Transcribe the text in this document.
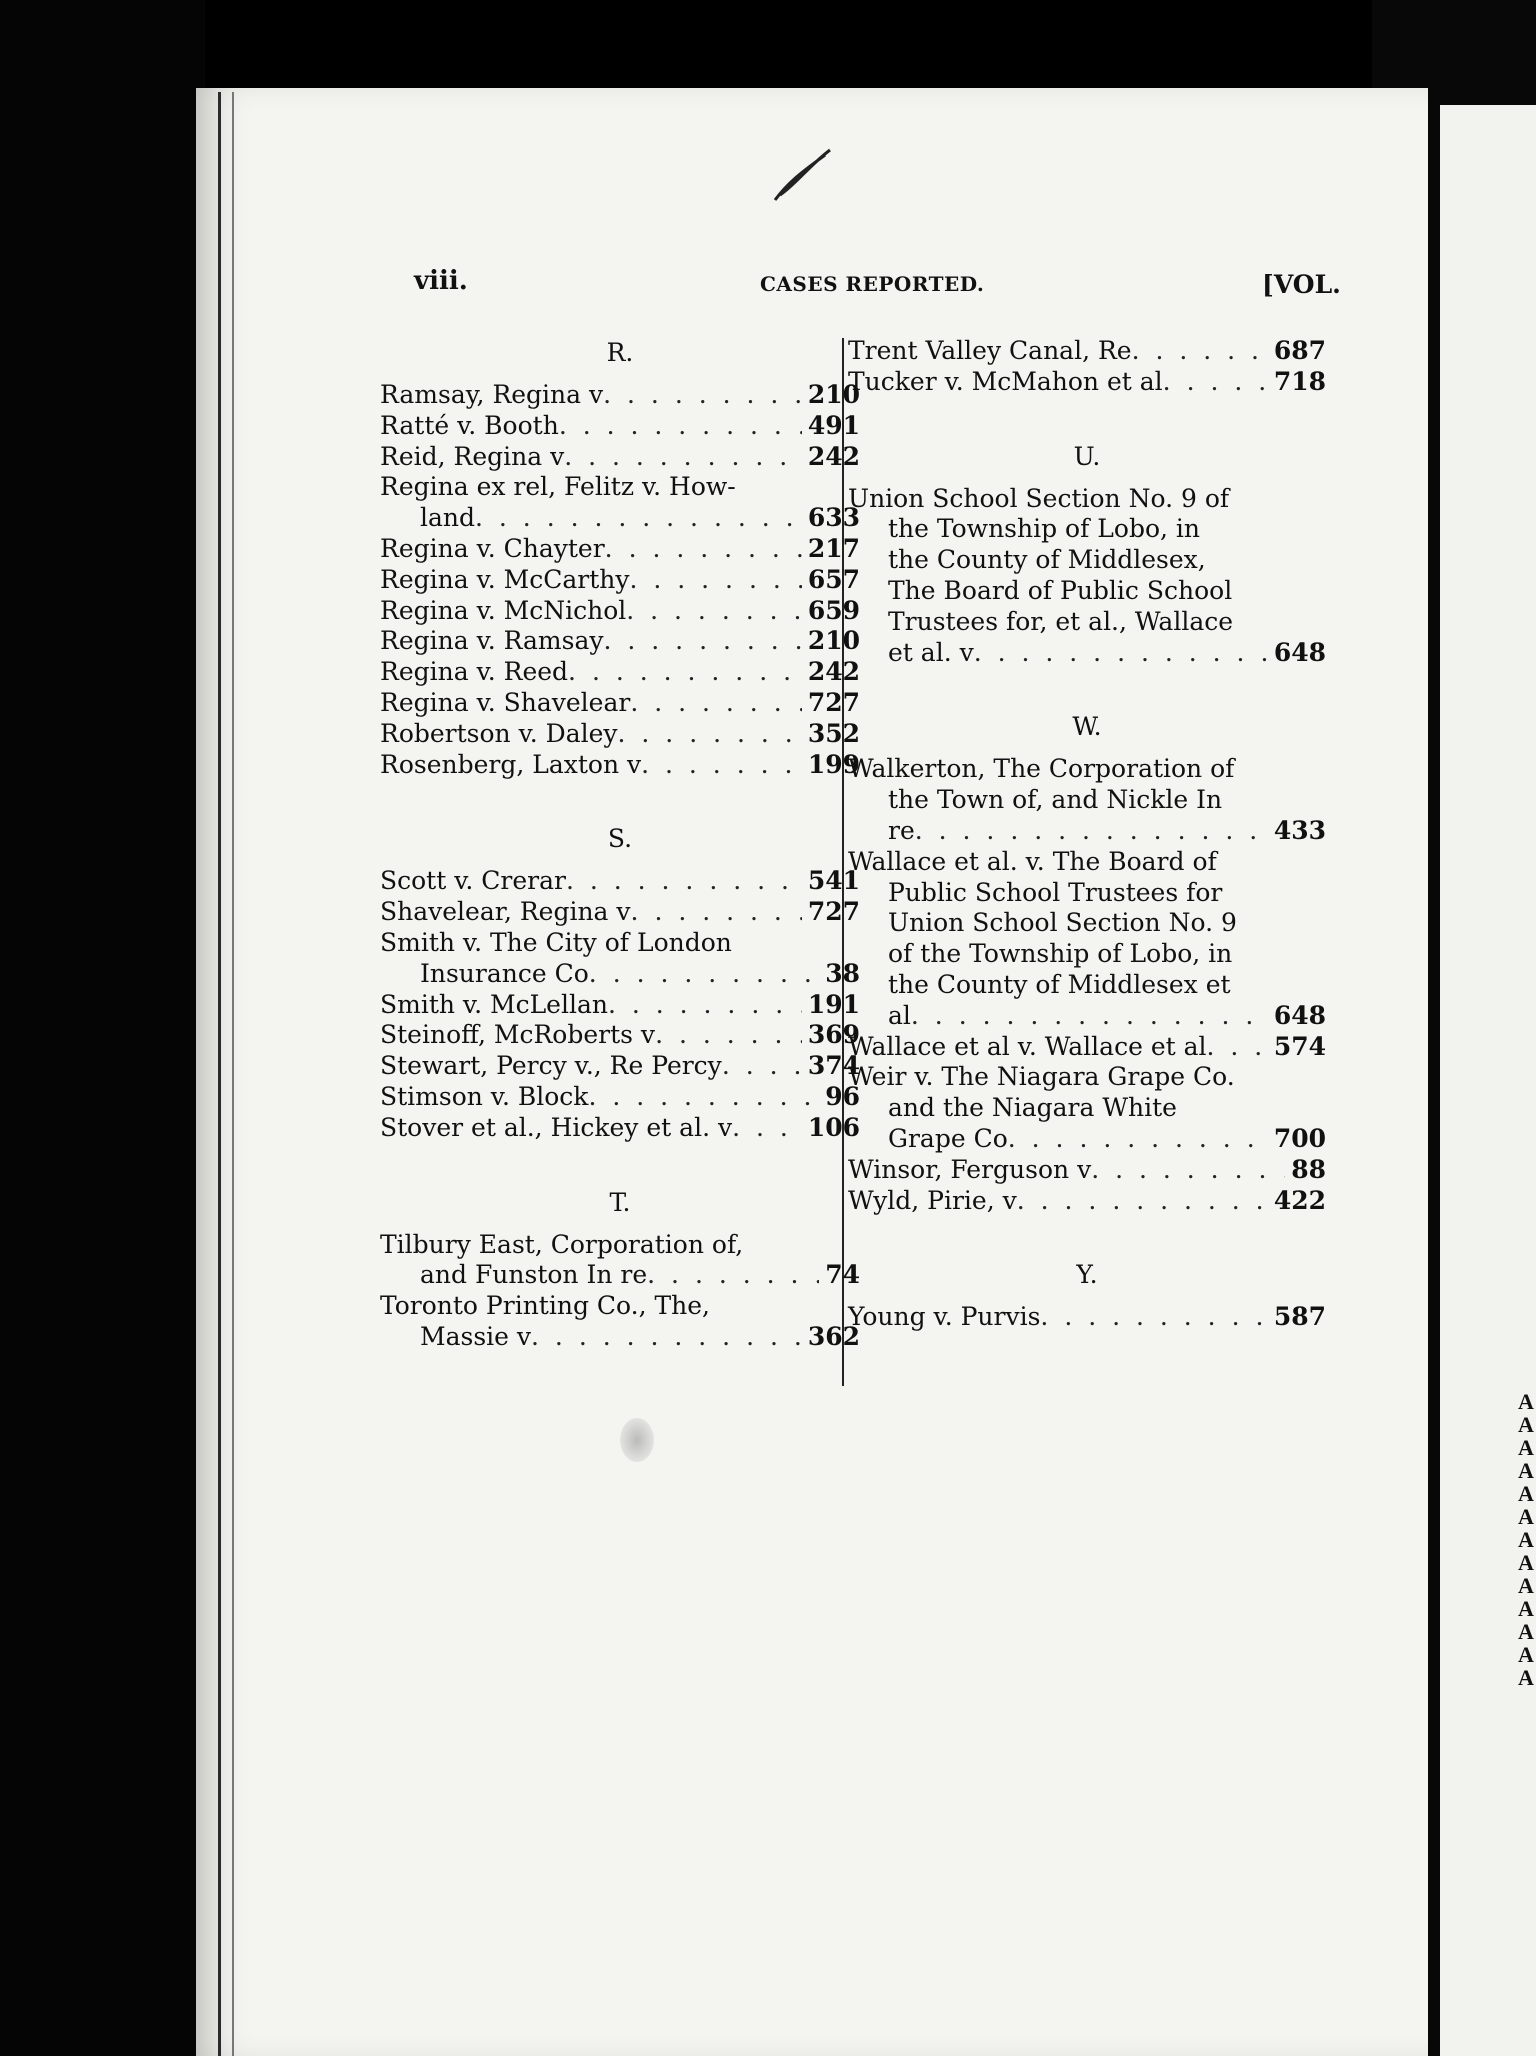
A
A
A
A
A
A
A
A
A
A
A
A
A
viii.	CASES REPORTED.	[VOL.
R.
Ramsay, Regina v . . .	210
Ratté v. Booth . . .	491
Reid, Regina v . . .	242
Regina ex rel, Felitz v. How-
land . . .	633
Regina v. Chayter . . .	217
Regina v. McCarthy . . .	657
Regina v. McNichol . . .	659
Regina v. Ramsay . . .	210
Regina v. Reed . . .	242
Regina v. Shavelear . . .	727
Robertson v. Daley . . .	352
Rosenberg, Laxton v . . .	199
S.
Scott v. Crerar . . .	541
Shavelear, Regina v . . .	727
Smith v. The City of London
Insurance Co . . .	38
Smith v. McLellan . . .	191
Steinoff, McRoberts v . . .	369
Stewart, Percy v., Re Percy . . .	374
Stimson v. Block . . .	96
Stover et al., Hickey et al. v . . .	106
T.
Tilbury East, Corporation of,
and Funston In re . . .	74
Toronto Printing Co., The,
Massie v . . .	362
Trent Valley Canal, Re . . .	687
Tucker v. McMahon et al . . .	718
U.
Union School Section No. 9 of
the Township of Lobo, in
the County of Middlesex,
The Board of Public School
Trustees for, et al., Wallace
et al. v . . .	648
W.
Walkerton, The Corporation of
the Town of, and Nickle In
re . . .	433
Wallace et al. v. The Board of
Public School Trustees for
Union School Section No. 9
of the Township of Lobo, in
the County of Middlesex et
al . . .	648
Wallace et al v. Wallace et al . . .	574
Weir v. The Niagara Grape Co.
and the Niagara White
Grape Co . . .	700
Winsor, Ferguson v . . .	88
Wyld, Pirie, v . . .	422
Y.
Young v. Purvis . . .	587
